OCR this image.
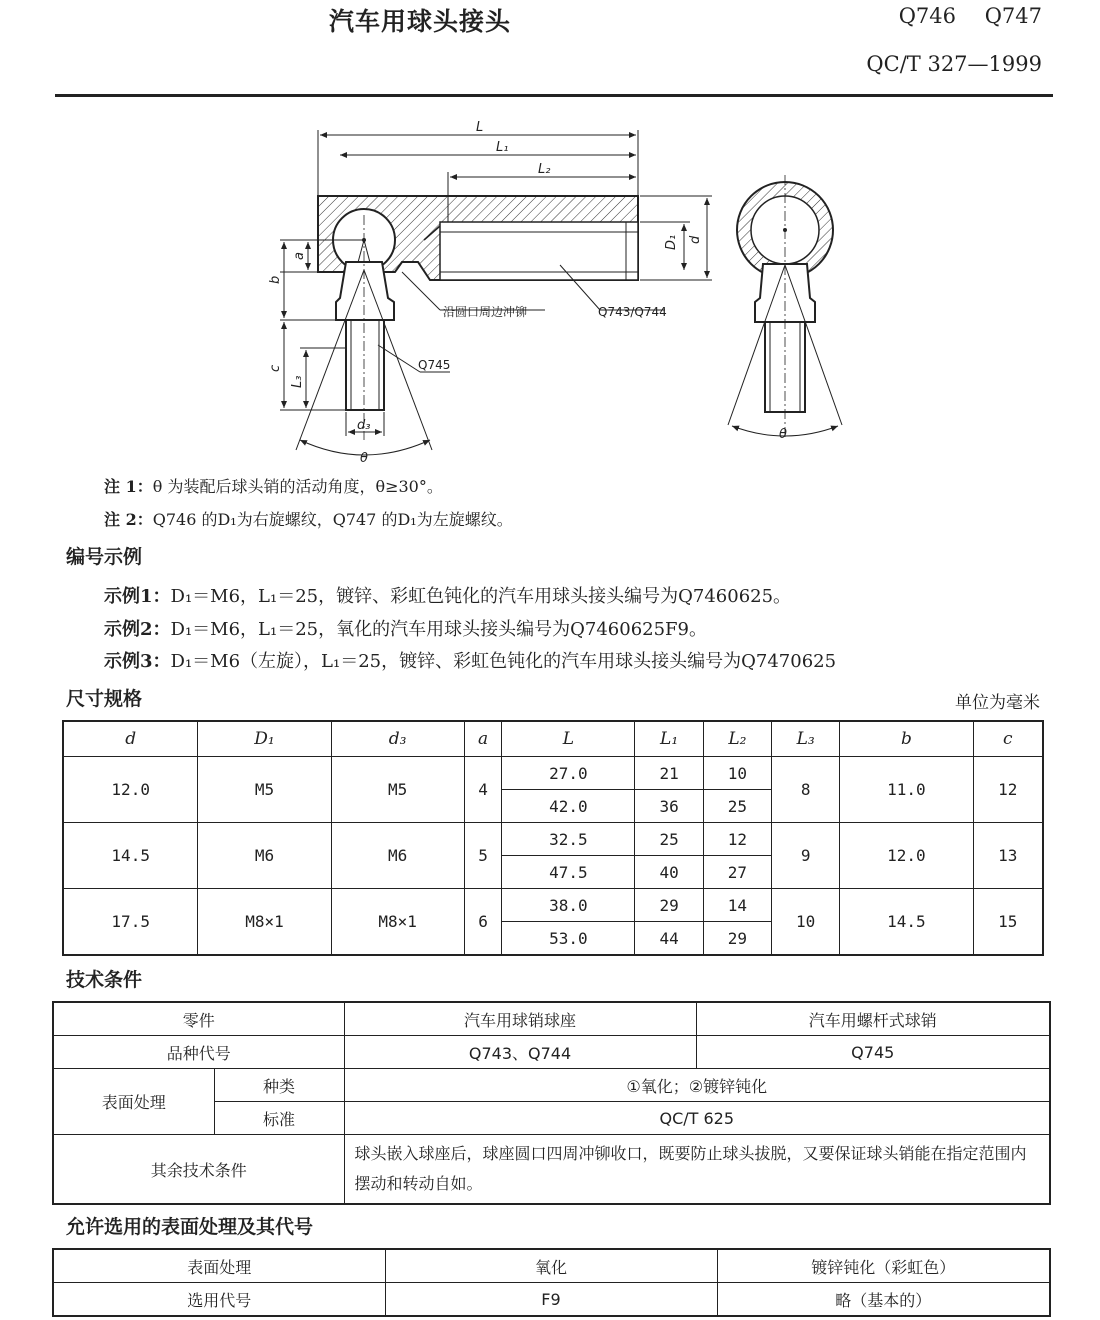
汽车用球头接头	Q746 Q747
QC/T 327—1999
L
L₁
L₂
D₁ d
a
b
c
L₃
d₃
θ
θ
沿圆口周边冲铆	Q743/Q744
Q745
注 1：θ 为装配后球头销的活动角度，θ≥30°。
注 2：Q746 的D₁为右旋螺纹，Q747 的D₁为左旋螺纹。
编号示例
示例1：D₁＝M6，L₁＝25，镀锌、彩虹色钝化的汽车用球头接头编号为Q7460625。
示例2：D₁＝M6，L₁＝25，氧化的汽车用球头接头编号为Q7460625F9。
示例3：D₁＝M6（左旋），L₁＝25，镀锌、彩虹色钝化的汽车用球头接头编号为Q7470625
尺寸规格	单位为毫米
d	D₁	d₃	a	L	L₁	L₂	L₃	b	c
12.0	M5	M5	4	27.0	21	10	8	11.0	12
				42.0	36	25			
14.5	M6	M6	5	32.5	25	12	9	12.0	13
				47.5	40	27			
17.5	M8×1	M8×1	6	38.0	29	14	10	14.5	15
				53.0	44	29			
技术条件
零件		汽车用球销球座	汽车用螺杆式球销
品种代号		Q743、Q744	Q745
表面处理	种类	①氧化；②镀锌钝化	
	标准	QC/T 625	
其余技术条件		球头嵌入球座后，球座圆口四周冲铆收口，既要防止球头拔脱，又要保证球头销能在指定范围内摆动和转动自如。	
允许选用的表面处理及其代号
表面处理	氧化	镀锌钝化（彩虹色）
选用代号	F9	略（基本的）
